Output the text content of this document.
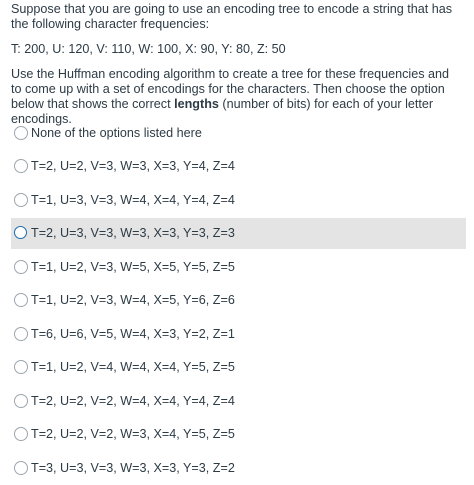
Suppose that you are going to use an encoding tree to encode a string that has the following character frequencies:

T: 200, U: 120, V: 110, W: 100, X: 90, Y: 80, Z: 50

Use the Huffman encoding algorithm to create a tree for these frequencies and to come up with a set of encodings for the characters. Then choose the option below that shows the correct lengths (number of bits) for each of your letter encodings.

None of the options listed here
T=2, U=2, V=3, W=3, X=3, Y=4, Z=4
T=1, U=3, V=3, W=4, X=4, Y=4, Z=4
T=2, U=3, V=3, W=3, X=3, Y=3, Z=3
T=1, U=2, V=3, W=5, X=5, Y=5, Z=5
T=1, U=2, V=3, W=4, X=5, Y=6, Z=6
T=6, U=6, V=5, W=4, X=3, Y=2, Z=1
T=1, U=2, V=4, W=4, X=4, Y=5, Z=5
T=2, U=2, V=2, W=4, X=4, Y=4, Z=4
T=2, U=2, V=2, W=3, X=4, Y=5, Z=5
T=3, U=3, V=3, W=3, X=3, Y=3, Z=2
